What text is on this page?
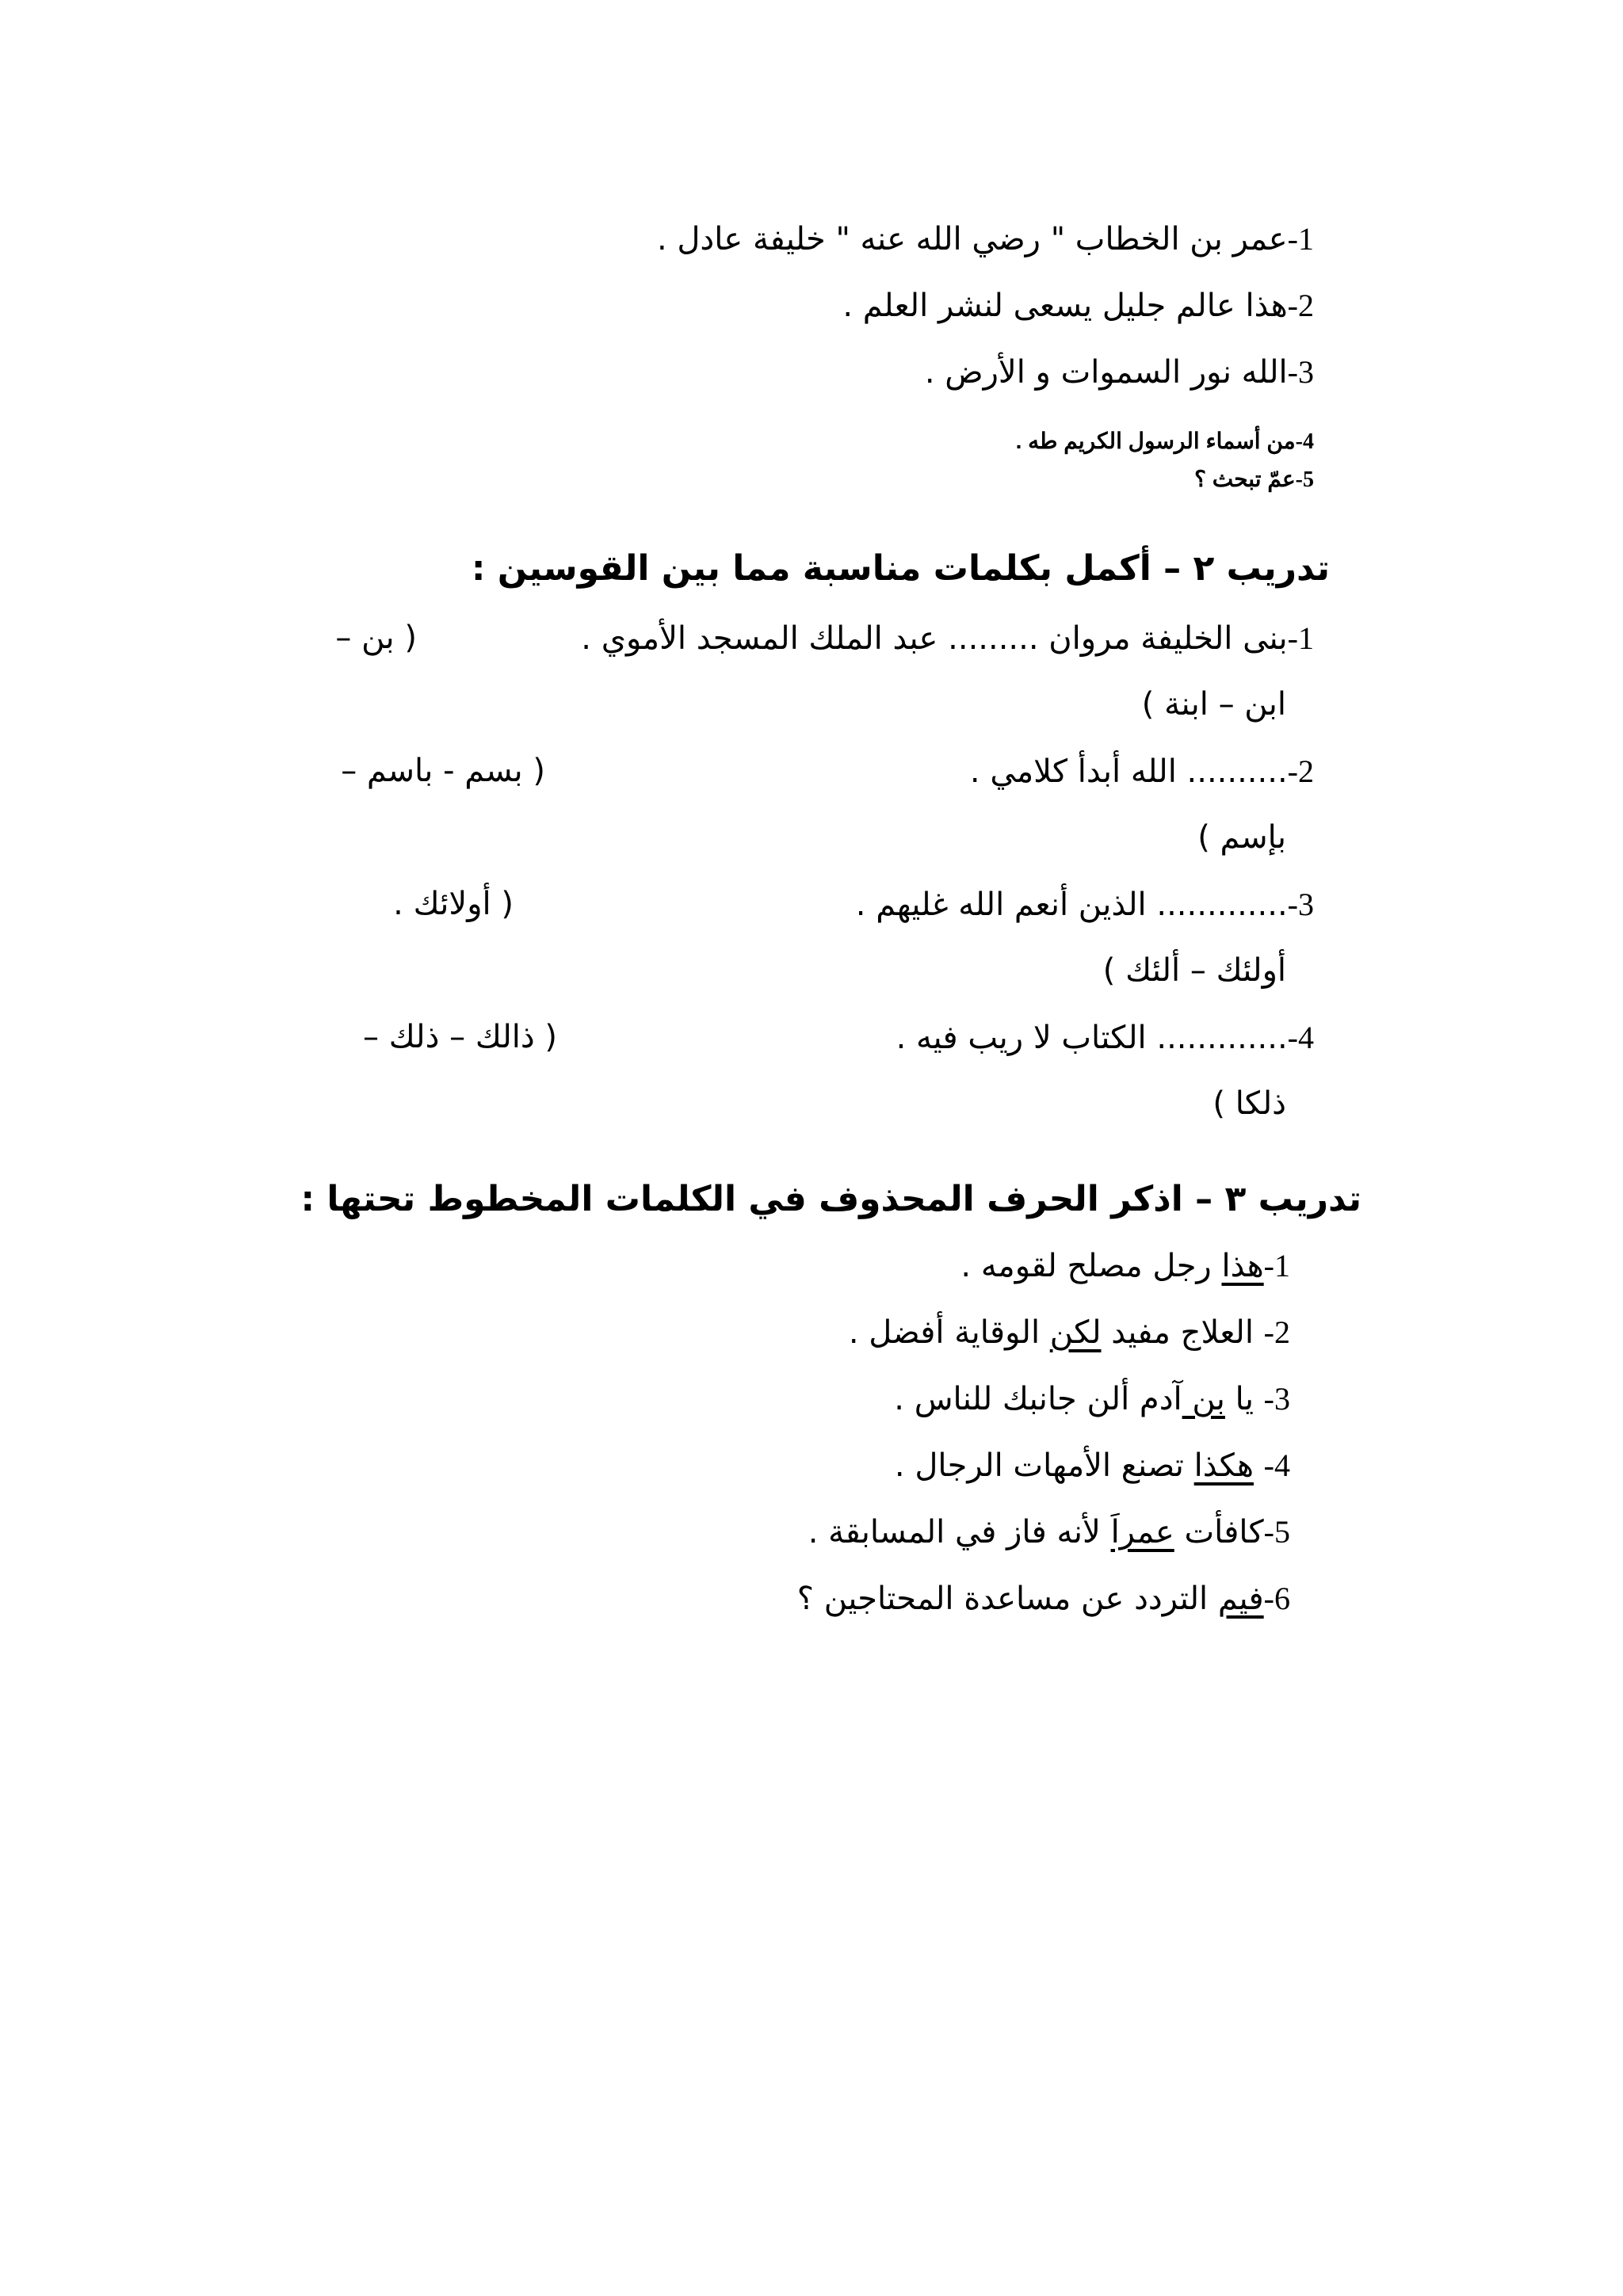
1-عمر بن الخطاب " رضي الله عنه " خليفة عادل .
2-هذا عالم جليل يسعى لنشر العلم .
3-الله نور السموات و الأرض .
4-من أسماء الرسول الكريم طه .
5-عمّ تبحث ؟
تدريب ٢ – أكمل بكلمات مناسبة مما بين القوسين :
1-بنى الخليفة مروان ......... عبد الملك المسجد الأموي .
( بن –
ابن – ابنة )
2-.......... الله أبدأ كلامي .
( بسم - باسم –
بإسم )
3-............. الذين أنعم الله غليهم .
( أولائك .
أولئك – ألئك )
4-............. الكتاب لا ريب فيه .
( ذالك – ذلك –
ذلكا )
تدريب ٣ – اذكر الحرف المحذوف في الكلمات المخطوط تحتها :
1-هذا رجل مصلح لقومه .
2- العلاج مفيد لكن الوقاية أفضل .
3- يا بن آدم ألن جانبك للناس .
4- هكذا تصنع الأمهات الرجال .
5-كافأت عمراَ لأنه فاز في المسابقة .
6-فيم التردد عن مساعدة المحتاجين ؟
